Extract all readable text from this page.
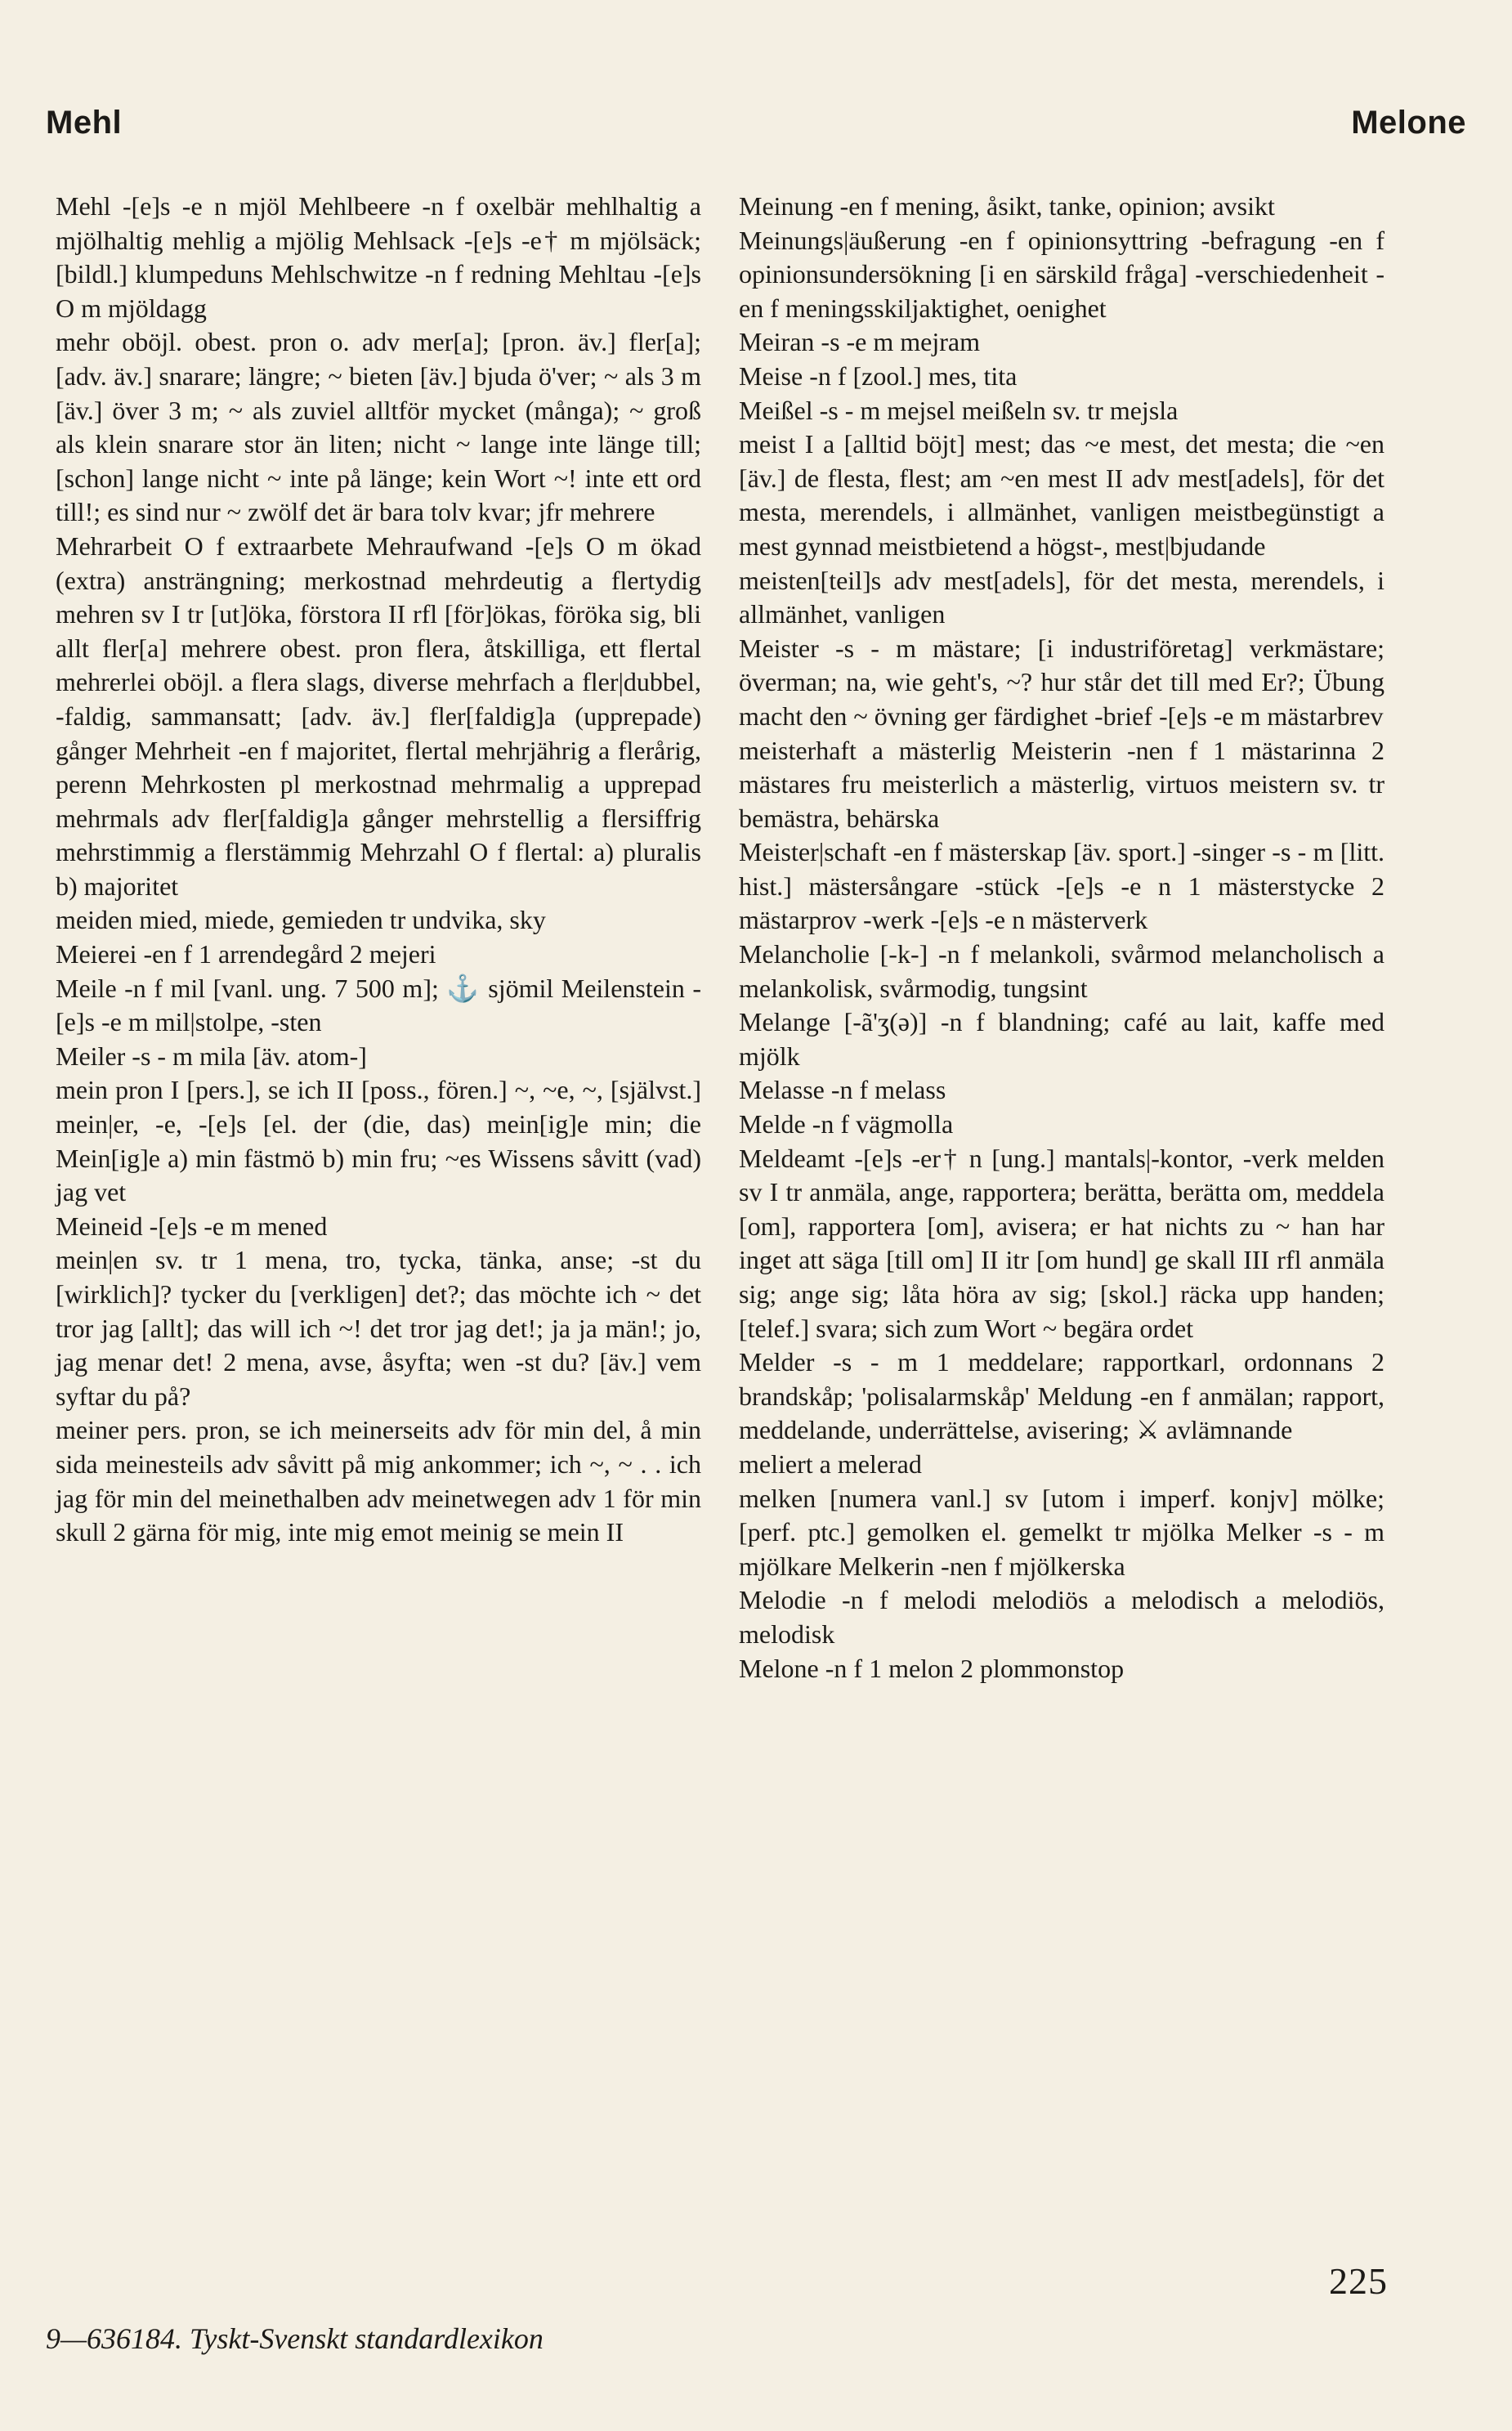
Mehl	Melone

Mehl -[e]s -e n mjöl Mehlbeere -n f oxelbär mehlhaltig a mjölhaltig mehlig a mjölig Mehlsack -[e]s -e† m mjölsäck; [bildl.] klumpeduns Mehlschwitze -n f redning Mehltau -[e]s O m mjöldagg

mehr oböjl. obest. pron o. adv mer[a]; [pron. äv.] fler[a]; [adv. äv.] snarare; längre; ~ bieten [äv.] bjuda ö'ver; ~ als 3 m [äv.] över 3 m; ~ als zuviel alltför mycket (många); ~ groß als klein snarare stor än liten; nicht ~ lange inte länge till; [schon] lange nicht ~ inte på länge; kein Wort ~! inte ett ord till!; es sind nur ~ zwölf det är bara tolv kvar; jfr mehrere

Mehrarbeit O f extraarbete Mehraufwand -[e]s O m ökad (extra) ansträngning; merkostnad mehrdeutig a flertydig mehren sv I tr [ut]öka, förstora II rfl [för]ökas, föröka sig, bli allt fler[a] mehrere obest. pron flera, åtskilliga, ett flertal mehrerlei oböjl. a flera slags, diverse mehrfach a fler|dubbel, -faldig, sammansatt; [adv. äv.] fler[faldig]a (upprepade) gånger Mehrheit -en f majoritet, flertal mehrjährig a flerårig, perenn Mehrkosten pl merkostnad mehrmalig a upprepad mehrmals adv fler[faldig]a gånger mehrstellig a flersiffrig mehrstimmig a flerstämmig Mehrzahl O f flertal: a) pluralis b) majoritet

meiden mied, miede, gemieden tr undvika, sky

Meierei -en f 1 arrendegård 2 mejeri

Meile -n f mil [vanl. ung. 7 500 m]; ⚓ sjömil Meilenstein -[e]s -e m mil|stolpe, -sten

Meiler -s - m mila [äv. atom-]

mein pron I [pers.], se ich II [poss., fören.] ~, ~e, ~, [självst.] mein|er, -e, -[e]s [el. der (die, das) mein[ig]e min; die Mein[ig]e a) min fästmö b) min fru; ~es Wissens såvitt (vad) jag vet

Meineid -[e]s -e m mened

mein|en sv. tr 1 mena, tro, tycka, tänka, anse; -st du [wirklich]? tycker du [verkligen] det?; das möchte ich ~ det tror jag [allt]; das will ich ~! det tror jag det!; ja ja män!; jo, jag menar det! 2 mena, avse, åsyfta; wen -st du? [äv.] vem syftar du på?

meiner pers. pron, se ich meinerseits adv för min del, å min sida meinesteils adv såvitt på mig ankommer; ich ~, ~ . . ich jag för min del meinethalben adv meinetwegen adv 1 för min skull 2 gärna för mig, inte mig emot meinig se mein II

Meinung -en f mening, åsikt, tanke, opinion; avsikt

Meinungs|äußerung -en f opinionsyttring -befragung -en f opinionsundersökning [i en särskild fråga] -verschiedenheit -en f meningsskiljaktighet, oenighet

Meiran -s -e m mejram

Meise -n f [zool.] mes, tita

Meißel -s - m mejsel meißeln sv. tr mejsla

meist I a [alltid böjt] mest; das ~e mest, det mesta; die ~en [äv.] de flesta, flest; am ~en mest II adv mest[adels], för det mesta, merendels, i allmänhet, vanligen meistbegünstigt a mest gynnad meistbietend a högst-, mest|bjudande

meisten[teil]s adv mest[adels], för det mesta, merendels, i allmänhet, vanligen

Meister -s - m mästare; [i industriföretag] verkmästare; överman; na, wie geht's, ~? hur står det till med Er?; Übung macht den ~ övning ger färdighet -brief -[e]s -e m mästarbrev

meisterhaft a mästerlig Meisterin -nen f 1 mästarinna 2 mästares fru meisterlich a mästerlig, virtuos meistern sv. tr bemästra, behärska

Meister|schaft -en f mästerskap [äv. sport.] -singer -s - m [litt. hist.] mästersångare -stück -[e]s -e n 1 mästerstycke 2 mästarprov -werk -[e]s -e n mästerverk

Melancholie [-k-] -n f melankoli, svårmod melancholisch a melankolisk, svårmodig, tungsint

Melange [-ã'ʒ(ə)] -n f blandning; café au lait, kaffe med mjölk

Melasse -n f melass

Melde -n f vägmolla

Meldeamt -[e]s -er† n [ung.] mantals|-kontor, -verk melden sv I tr anmäla, ange, rapportera; berätta, berätta om, meddela [om], rapportera [om], avisera; er hat nichts zu ~ han har inget att säga [till om] II itr [om hund] ge skall III rfl anmäla sig; ange sig; låta höra av sig; [skol.] räcka upp handen; [telef.] svara; sich zum Wort ~ begära ordet

Melder -s - m 1 meddelare; rapportkarl, ordonnans 2 brandskåp; 'polisalarmskåp' Meldung -en f anmälan; rapport, meddelande, underrättelse, avisering; ⚔ avlämnande

meliert a melerad

melken [numera vanl.] sv [utom i imperf. konjv] mölke; [perf. ptc.] gemolken el. gemelkt tr mjölka Melker -s - m mjölkare Melkerin -nen f mjölkerska

Melodie -n f melodi melodiös a melodisch a melodiös, melodisk

Melone -n f 1 melon 2 plommonstop

225
9—636184. Tyskt-Svenskt standardlexikon
